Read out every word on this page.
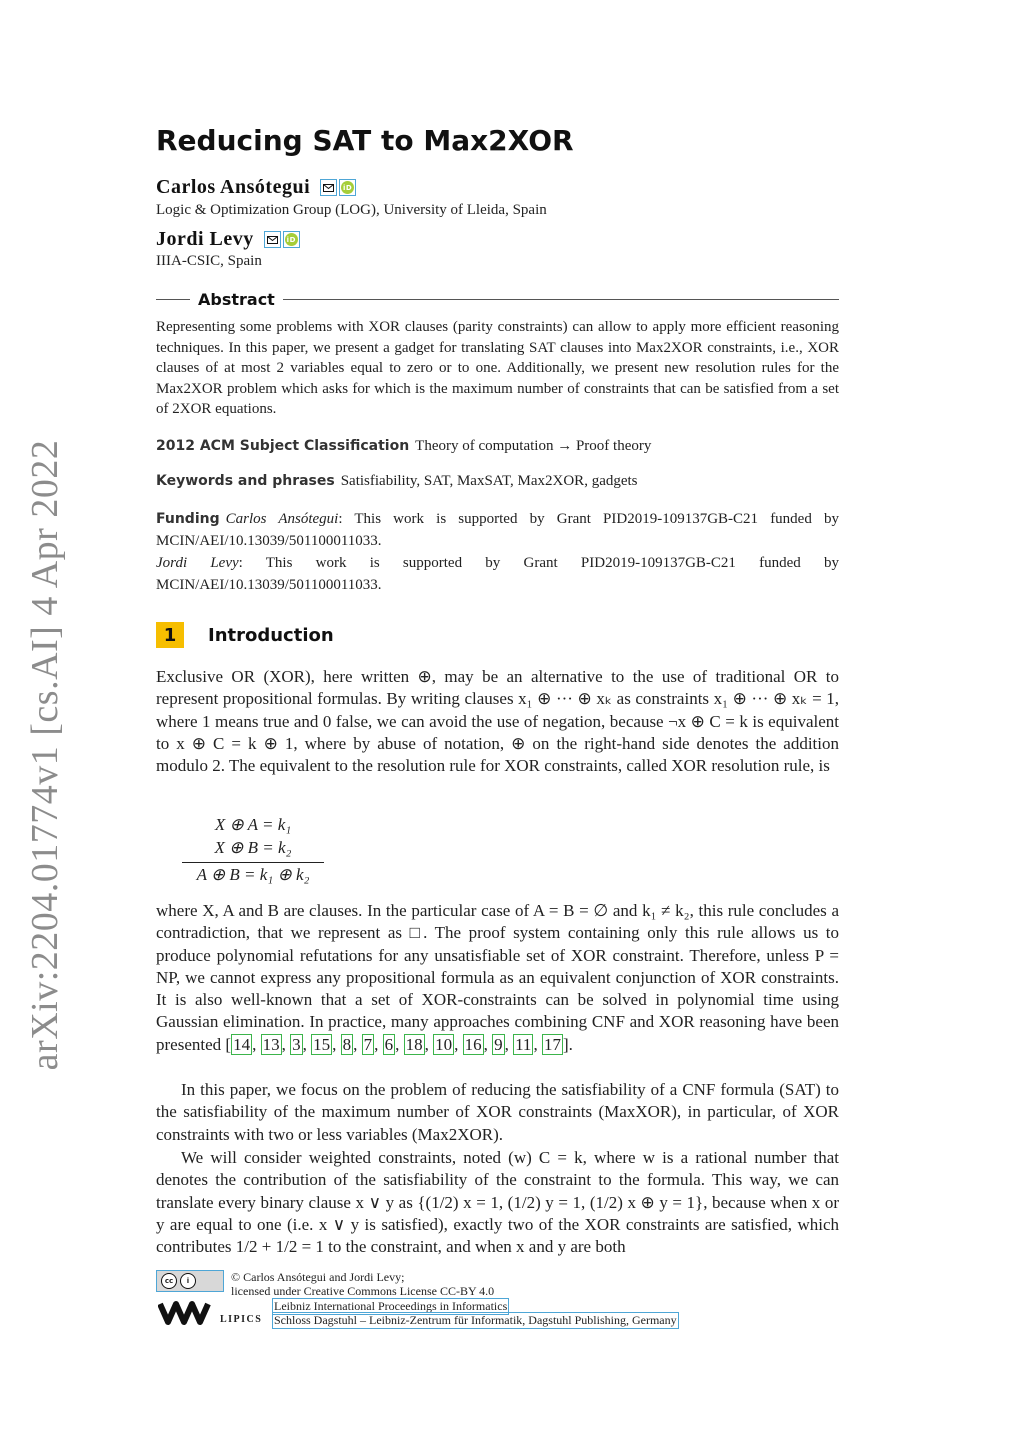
arXiv:2204.01774v1 [cs.AI] 4 Apr 2022
Reducing SAT to Max2XOR
Carlos Ansótegui	iD
Logic & Optimization Group (LOG), University of Lleida, Spain
Jordi Levy	iD
IIIA-CSIC, Spain
Abstract
Representing some problems with XOR clauses (parity constraints) can allow to apply more efficient reasoning techniques. In this paper, we present a gadget for translating SAT clauses into Max2XOR constraints, i.e., XOR clauses of at most 2 variables equal to zero or to one. Additionally, we present new resolution rules for the Max2XOR problem which asks for which is the maximum number of constraints that can be satisfied from a set of 2XOR equations.
2012 ACM Subject Classification Theory of computation → Proof theory
Keywords and phrases Satisfiability, SAT, MaxSAT, Max2XOR, gadgets
Funding Carlos Ansótegui: This work is supported by Grant PID2019-109137GB-C21 funded by MCIN/AEI/10.13039/501100011033.
Jordi Levy: This work is supported by Grant PID2019-109137GB-C21 funded by MCIN/AEI/10.13039/501100011033.
1	Introduction
Exclusive OR (XOR), here written ⊕, may be an alternative to the use of traditional OR to represent propositional formulas. By writing clauses x₁ ⊕ ··· ⊕ xₖ as constraints x₁ ⊕ ··· ⊕ xₖ = 1, where 1 means true and 0 false, we can avoid the use of negation, because ¬x ⊕ C = k is equivalent to x ⊕ C = k ⊕ 1, where by abuse of notation, ⊕ on the right-hand side denotes the addition modulo 2. The equivalent to the resolution rule for XOR constraints, called XOR resolution rule, is
X ⊕ A = k₁
X ⊕ B = k₂
A ⊕ B = k₁ ⊕ k₂
where X, A and B are clauses. In the particular case of A = B = ∅ and k₁ ≠ k₂, this rule concludes a contradiction, that we represent as □. The proof system containing only this rule allows us to produce polynomial refutations for any unsatisfiable set of XOR constraint. Therefore, unless P = NP, we cannot express any propositional formula as an equivalent conjunction of XOR constraints. It is also well-known that a set of XOR-constraints can be solved in polynomial time using Gaussian elimination. In practice, many approaches combining CNF and XOR reasoning have been presented [ 14 , 13 , 3 , 15 , 8 , 7 , 6 , 18 , 10 , 16 , 9 , 11 , 17 ].
In this paper, we focus on the problem of reducing the satisfiability of a CNF formula (SAT) to the satisfiability of the maximum number of XOR constraints (MaxXOR), in particular, of XOR constraints with two or less variables (Max2XOR).
We will consider weighted constraints, noted (w) C = k, where w is a rational number that denotes the contribution of the satisfiability of the constraint to the formula. This way, we can translate every binary clause x ∨ y as {(1/2) x = 1, (1/2) y = 1, (1/2) x ⊕ y = 1}, because when x or y are equal to one (i.e. x ∨ y is satisfied), exactly two of the XOR constraints are satisfied, which contributes 1/2 + 1/2 = 1 to the constraint, and when x and y are both
cc	i	© Carlos Ansótegui and Jordi Levy;
licensed under Creative Commons License CC-BY 4.0
Leibniz International Proceedings in Informatics
Schloss Dagstuhl – Leibniz-Zentrum für Informatik, Dagstuhl Publishing, Germany
LIPICS
